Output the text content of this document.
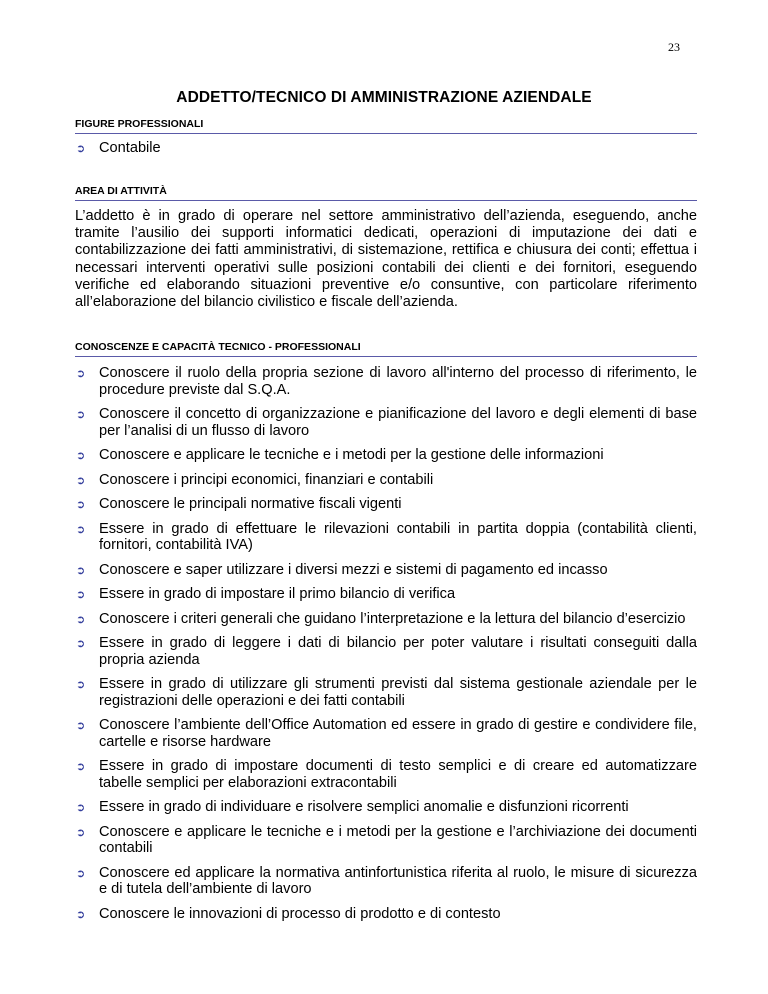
23
ADDETTO/TECNICO DI AMMINISTRAZIONE AZIENDALE
FIGURE PROFESSIONALI
➲ Contabile
AREA DI ATTIVITÀ
L’addetto è in grado di operare nel settore amministrativo dell’azienda, eseguendo, anche tramite l’ausilio dei supporti informatici dedicati, operazioni di imputazione dei dati e contabilizzazione dei fatti amministrativi, di sistemazione, rettifica e chiusura dei conti; effettua i necessari interventi operativi sulle posizioni contabili dei clienti e dei fornitori, eseguendo verifiche ed elaborando situazioni preventive e/o consuntive, con particolare riferimento all’elaborazione del bilancio civilistico e fiscale dell’azienda.
CONOSCENZE E CAPACITÀ TECNICO - PROFESSIONALI
➲ Conoscere il ruolo della propria sezione di lavoro all'interno del processo di riferimento, le procedure previste dal S.Q.A.
➲ Conoscere il concetto di organizzazione e pianificazione del lavoro e degli elementi di base per l’analisi di un flusso di lavoro
➲ Conoscere e applicare le tecniche e i metodi per la gestione delle informazioni
➲ Conoscere i principi economici, finanziari e contabili
➲ Conoscere le principali normative fiscali vigenti
➲ Essere in grado di effettuare le rilevazioni contabili in partita doppia (contabilità clienti, fornitori, contabilità IVA)
➲ Conoscere e saper utilizzare i diversi mezzi e sistemi di pagamento ed incasso
➲ Essere in grado di impostare il primo bilancio di verifica
➲ Conoscere i criteri generali che guidano l’interpretazione e la lettura del bilancio d’esercizio
➲ Essere in grado di leggere i dati di bilancio per poter valutare i risultati conseguiti dalla propria azienda
➲ Essere in grado di utilizzare gli strumenti previsti dal sistema gestionale aziendale per le registrazioni delle operazioni e dei fatti contabili
➲ Conoscere l’ambiente dell’Office Automation ed essere in grado di gestire e condividere file, cartelle e risorse hardware
➲ Essere in grado di impostare documenti di testo semplici e di creare ed automatizzare tabelle semplici per elaborazioni extracontabili
➲ Essere in grado di individuare e risolvere semplici anomalie e disfunzioni ricorrenti
➲ Conoscere e applicare le tecniche e i metodi per la gestione e l’archiviazione dei documenti contabili
➲ Conoscere ed applicare la normativa antinfortunistica riferita al ruolo, le misure di sicurezza e di tutela dell’ambiente di lavoro
➲ Conoscere le innovazioni di processo di prodotto e di contesto
